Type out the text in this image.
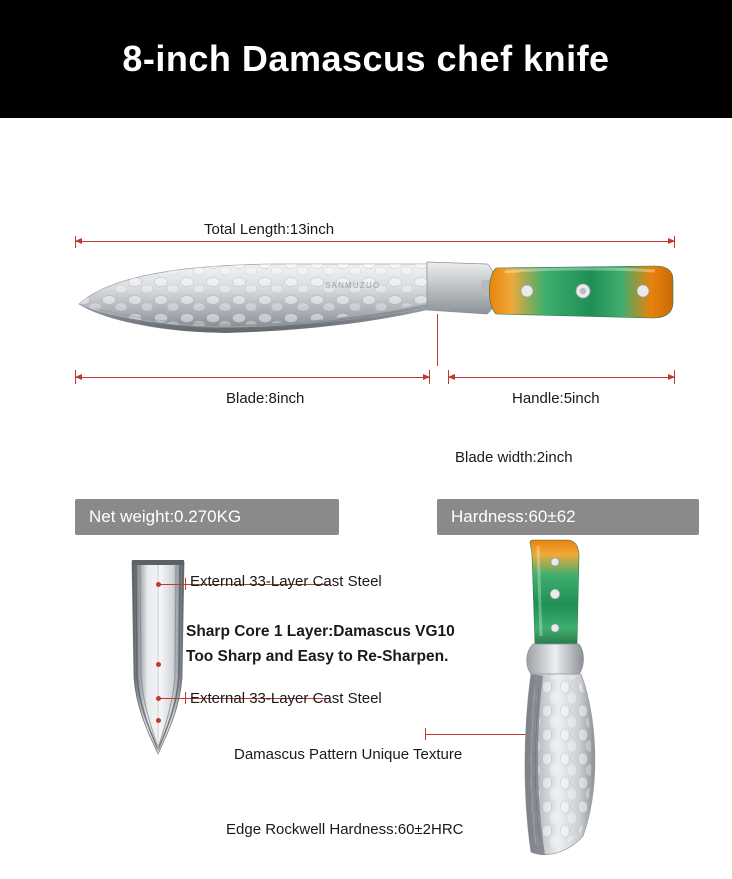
8-inch Damascus chef knife
Total Length:13inch
SANMUZUO
Blade width:2inch
Blade:8inch	Handle:5inch
Net weight:0.270KG	Hardness:60±62
External 33-Layer Cast Steel
Sharp Core 1 Layer:Damascus VG10
Too Sharp and Easy to Re-Sharpen.
External 33-Layer Cast Steel
Damascus Pattern Unique Texture
Edge Rockwell Hardness:60±2HRC
